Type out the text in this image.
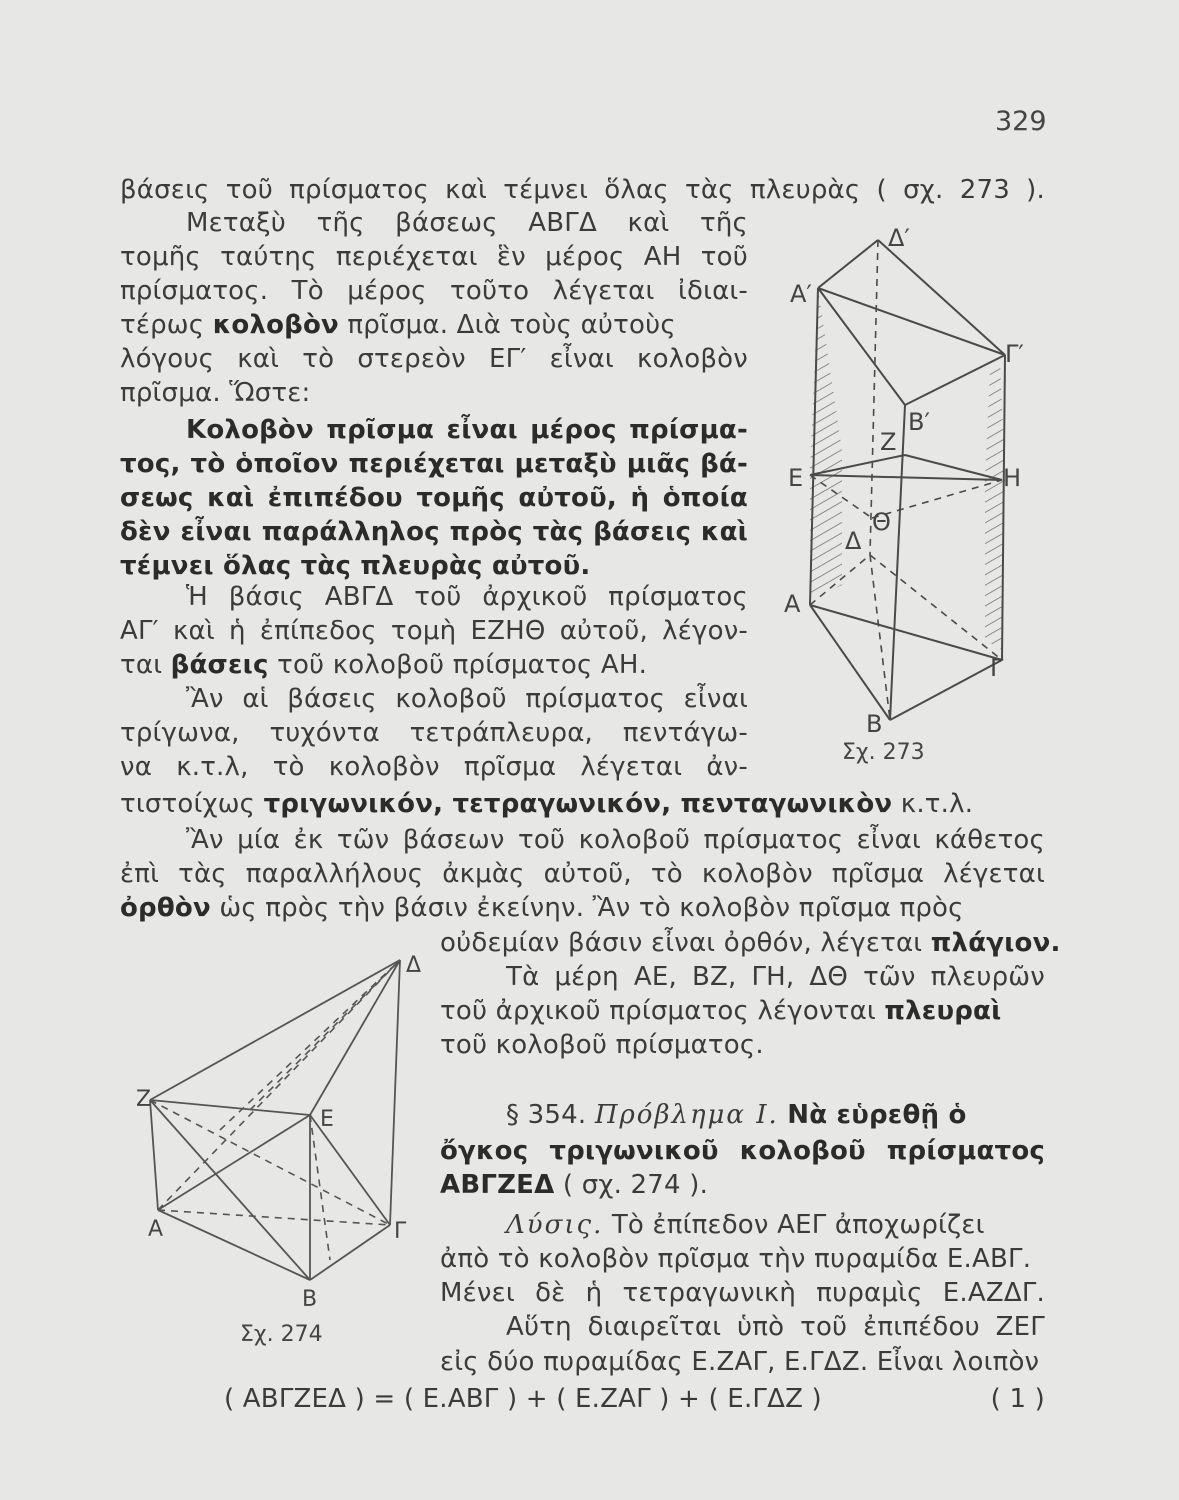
329
βάσεις τοῦ πρίσματος καὶ τέμνει ὅλας τὰς πλευρὰς ( σχ. 273 ).
Μεταξὺ τῆς βάσεως ΑΒΓΔ καὶ τῆς
τομῆς ταύτης περιέχεται ἓν μέρος ΑΗ τοῦ
πρίσματος. Τὸ μέρος τοῦτο λέγεται ἰδιαι-
τέρως κολοβὸν πρῖσμα. Διὰ τοὺς αὐτοὺς
λόγους καὶ τὸ στερεὸν ΕΓ′ εἶναι κολοβὸν
πρῖσμα. Ὥστε:
Κολοβὸν πρῖσμα εἶναι μέρος πρίσμα-
τος, τὸ ὁποῖον περιέχεται μεταξὺ μιᾶς βά-
σεως καὶ ἐπιπέδου τομῆς αὐτοῦ, ἡ ὁποία
δὲν εἶναι παράλληλος πρὸς τὰς βάσεις καὶ
τέμνει ὅλας τὰς πλευρὰς αὐτοῦ.
Ἡ βάσις ΑΒΓΔ τοῦ ἀρχικοῦ πρίσματος
ΑΓ′ καὶ ἡ ἐπίπεδος τομὴ ΕΖΗΘ αὐτοῦ, λέγον-
ται βάσεις τοῦ κολοβοῦ πρίσματος ΑΗ.
Ἂν αἱ βάσεις κολοβοῦ πρίσματος εἶναι
τρίγωνα, τυχόντα τετράπλευρα, πεντάγω-
να κ.τ.λ, τὸ κολοβὸν πρῖσμα λέγεται ἀν-
τιστοίχως τριγωνικόν, τετραγωνικόν, πενταγωνικὸν κ.τ.λ.
Ἂν μία ἐκ τῶν βάσεων τοῦ κολοβοῦ πρίσματος εἶναι κάθετος
ἐπὶ τὰς παραλλήλους ἀκμὰς αὐτοῦ, τὸ κολοβὸν πρῖσμα λέγεται
ὀρθὸν ὡς πρὸς τὴν βάσιν ἐκείνην. Ἂν τὸ κολοβὸν πρῖσμα πρὸς
οὐδεμίαν βάσιν εἶναι ὀρθόν, λέγεται πλάγιον.
Τὰ μέρη ΑΕ, ΒΖ, ΓΗ, ΔΘ τῶν πλευρῶν
τοῦ ἀρχικοῦ πρίσματος λέγονται πλευραὶ
τοῦ κολοβοῦ πρίσματος.
§ 354. Πρόβλημα Ι. Νὰ εὑρεθῇ ὁ
ὄγκος τριγωνικοῦ κολοβοῦ πρίσματος
ΑΒΓΖΕΔ ( σχ. 274 ).
Λύσις. Τὸ ἐπίπεδον ΑΕΓ ἀποχωρίζει
ἀπὸ τὸ κολοβὸν πρῖσμα τὴν πυραμίδα Ε.ΑΒΓ.
Μένει δὲ ἡ τετραγωνικὴ πυραμὶς Ε.ΑΖΔΓ.
Αὕτη διαιρεῖται ὑπὸ τοῦ ἐπιπέδου ΖΕΓ
εἰς δύο πυραμίδας Ε.ΖΑΓ, Ε.ΓΔΖ. Εἶναι λοιπὸν
( ΑΒΓΖΕΔ ) = ( Ε.ΑΒΓ ) + ( Ε.ΖΑΓ ) + ( Ε.ΓΔΖ )	( 1 )
Δ′
Α′
Γ′
Β′
Ζ
Ε	Η
Θ
Δ
Α
Γ
Β
Σχ. 273
Δ
Ζ
Ε
Α	Γ
Β
Σχ. 274
